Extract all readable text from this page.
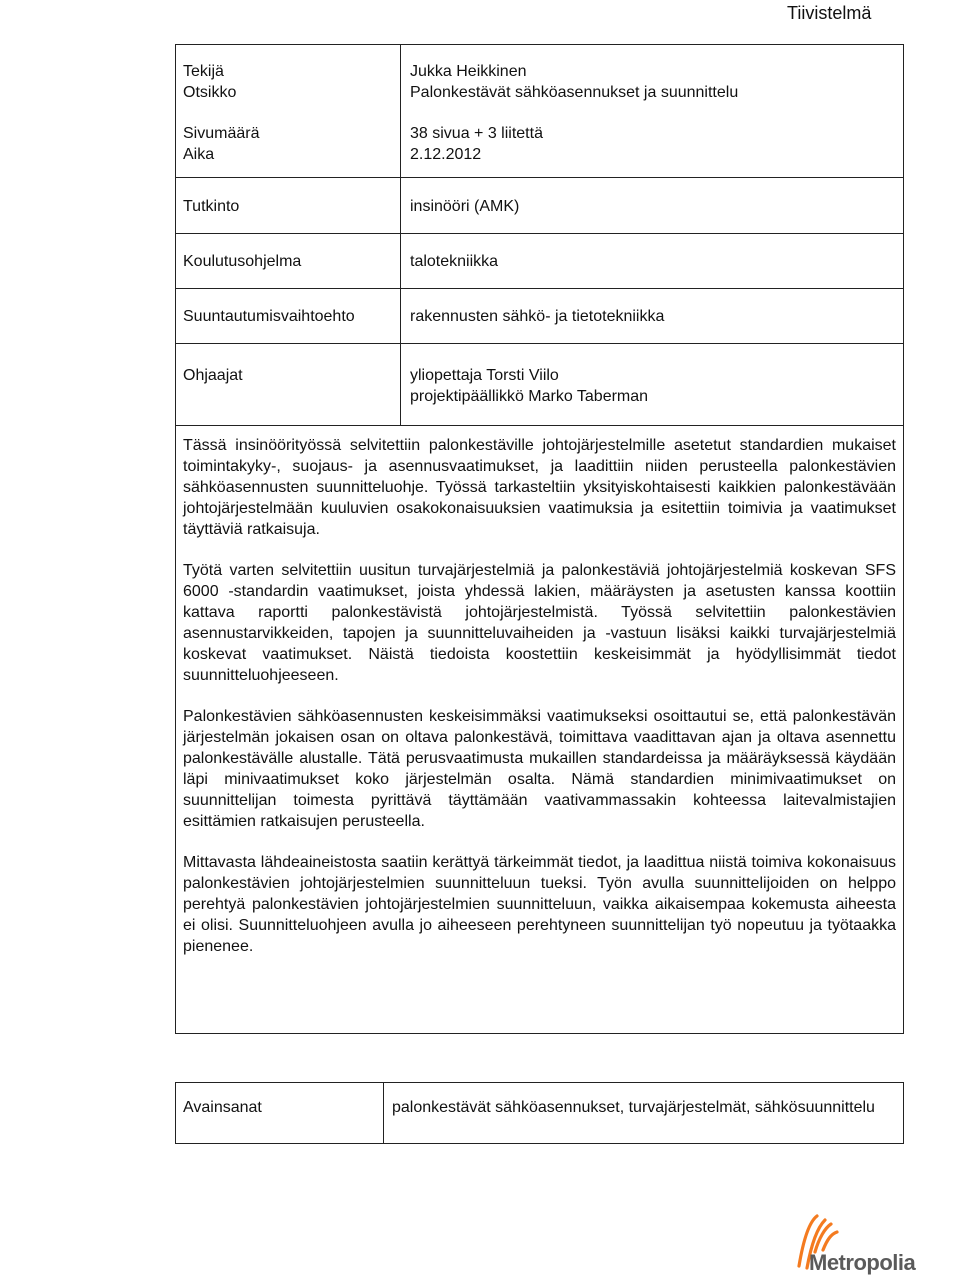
Tiivistelmä
Tekijä	Jukka Heikkinen
Otsikko	Palonkestävät sähköasennukset ja suunnittelu
Sivumäärä	38 sivua + 3 liitettä
Aika	2.12.2012
Tutkinto	insinööri (AMK)
Koulutusohjelma	talotekniikka
Suuntautumisvaihtoehto	rakennusten sähkö- ja tietotekniikka
Ohjaajat	yliopettaja Torsti Viilo
projektipäällikkö Marko Taberman

Tässä insinöörityössä selvitettiin palonkestäville johtojärjestelmille asetetut standardien mukaiset toimintakyky-, suojaus- ja asennusvaatimukset, ja laadittiin niiden perusteella palonkestävien sähköasennusten suunnitteluohje. Työssä tarkasteltiin yksityiskohtaisesti kaikkien palonkestävään johtojärjestelmään kuuluvien osakokonaisuuksien vaatimuksia ja esitettiin toimivia ja vaatimukset täyttäviä ratkaisuja.

Työtä varten selvitettiin uusitun turvajärjestelmiä ja palonkestäviä johtojärjestelmiä koskevan SFS 6000 -standardin vaatimukset, joista yhdessä lakien, määräysten ja asetusten kanssa koottiin kattava raportti palonkestävistä johtojärjestelmistä. Työssä selvitettiin palonkestävien asennustarvikkeiden, tapojen ja suunnitteluvaiheiden ja -vastuun lisäksi kaikki turvajärjestelmiä koskevat vaatimukset. Näistä tiedoista koostettiin keskeisimmät ja hyödyllisimmät tiedot suunnitteluohjeeseen.

Palonkestävien sähköasennusten keskeisimmäksi vaatimukseksi osoittautui se, että palonkestävän järjestelmän jokaisen osan on oltava palonkestävä, toimittava vaadittavan ajan ja oltava asennettu palonkestävälle alustalle. Tätä perusvaatimusta mukaillen standardeissa ja määräyksessä käydään läpi minivaatimukset koko järjestelmän osalta. Nämä standardien minimivaatimukset on suunnittelijan toimesta pyrittävä täyttämään vaativammassakin kohteessa laitevalmistajien esittämien ratkaisujen perusteella.

Mittavasta lähdeaineistosta saatiin kerättyä tärkeimmät tiedot, ja laadittua niistä toimiva kokonaisuus palonkestävien johtojärjestelmien suunnitteluun tueksi. Työn avulla suunnittelijoiden on helppo perehtyä palonkestävien johtojärjestelmien suunnitteluun, vaikka aikaisempaa kokemusta aiheesta ei olisi. Suunnitteluohjeen avulla jo aiheeseen perehtyneen suunnittelijan työ nopeutuu ja työtaakka pienenee.

Avainsanat	palonkestävät sähköasennukset, turvajärjestelmät, sähkösuunnittelu
Metropolia
